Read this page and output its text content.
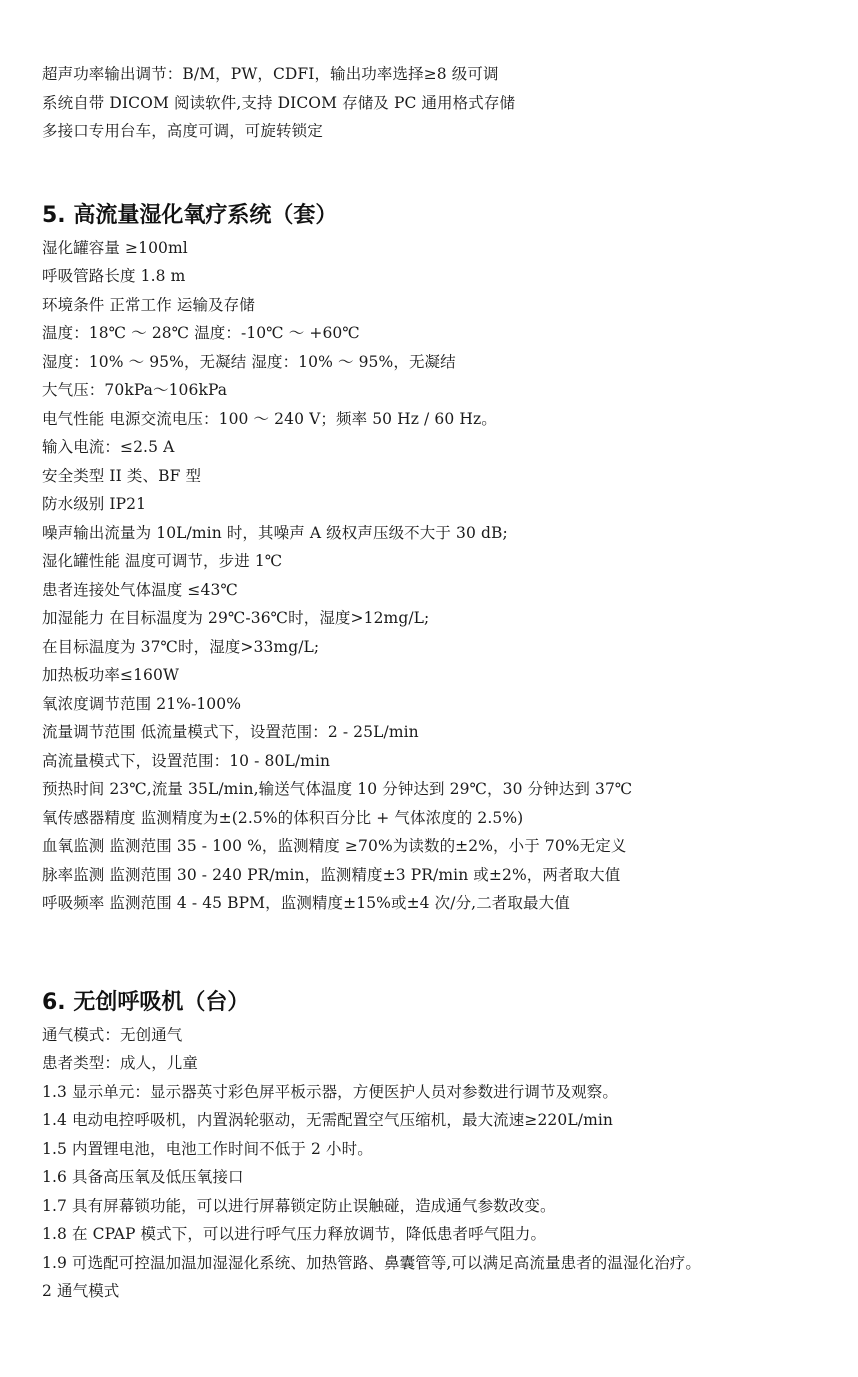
超声功率输出调节：B/M，PW，CDFI，输出功率选择≥8 级可调
系统自带 DICOM 阅读软件,支持 DICOM 存储及 PC 通用格式存储
多接口专用台车，高度可调，可旋转锁定
5. 高流量湿化氧疗系统（套）
湿化罐容量 ≥100ml
呼吸管路长度 1.8 m
环境条件 正常工作 运输及存储
温度：18℃ ～ 28℃ 温度：-10℃ ～ +60℃
湿度：10% ～ 95%，无凝结 湿度：10% ～ 95%，无凝结
大气压：70kPa～106kPa
电气性能 电源交流电压：100 ～ 240 V；频率 50 Hz / 60 Hz。
输入电流：≤2.5 A
安全类型 II 类、BF 型
防水级别 IP21
噪声输出流量为 10L/min 时，其噪声 A 级权声压级不大于 30 dB;
湿化罐性能 温度可调节，步进 1℃
患者连接处气体温度 ≤43℃
加湿能力 在目标温度为 29℃-36℃时，湿度>12mg/L;
在目标温度为 37℃时，湿度>33mg/L;
加热板功率≤160W
氧浓度调节范围 21%-100%
流量调节范围 低流量模式下，设置范围：2 - 25L/min
高流量模式下，设置范围：10 - 80L/min
预热时间 23℃,流量 35L/min,输送气体温度 10 分钟达到 29℃，30 分钟达到 37℃
氧传感器精度 监测精度为±(2.5%的体积百分比 + 气体浓度的 2.5%)
血氧监测 监测范围 35 - 100 %，监测精度 ≥70%为读数的±2%，小于 70%无定义
脉率监测 监测范围 30 - 240 PR/min，监测精度±3 PR/min 或±2%，两者取大值
呼吸频率 监测范围 4 - 45 BPM，监测精度±15%或±4 次/分,二者取最大值
6. 无创呼吸机（台）
通气模式：无创通气
患者类型：成人，儿童
1.3 显示单元：显示器英寸彩色屏平板示器，方便医护人员对参数进行调节及观察。
1.4 电动电控呼吸机，内置涡轮驱动，无需配置空气压缩机，最大流速≥220L/min
1.5 内置锂电池，电池工作时间不低于 2 小时。
1.6 具备高压氧及低压氧接口
1.7 具有屏幕锁功能，可以进行屏幕锁定防止误触碰，造成通气参数改变。
1.8 在 CPAP 模式下，可以进行呼气压力释放调节，降低患者呼气阻力。
1.9 可选配可控温加温加湿湿化系统、加热管路、鼻囊管等,可以满足高流量患者的温湿化治疗。
2 通气模式
